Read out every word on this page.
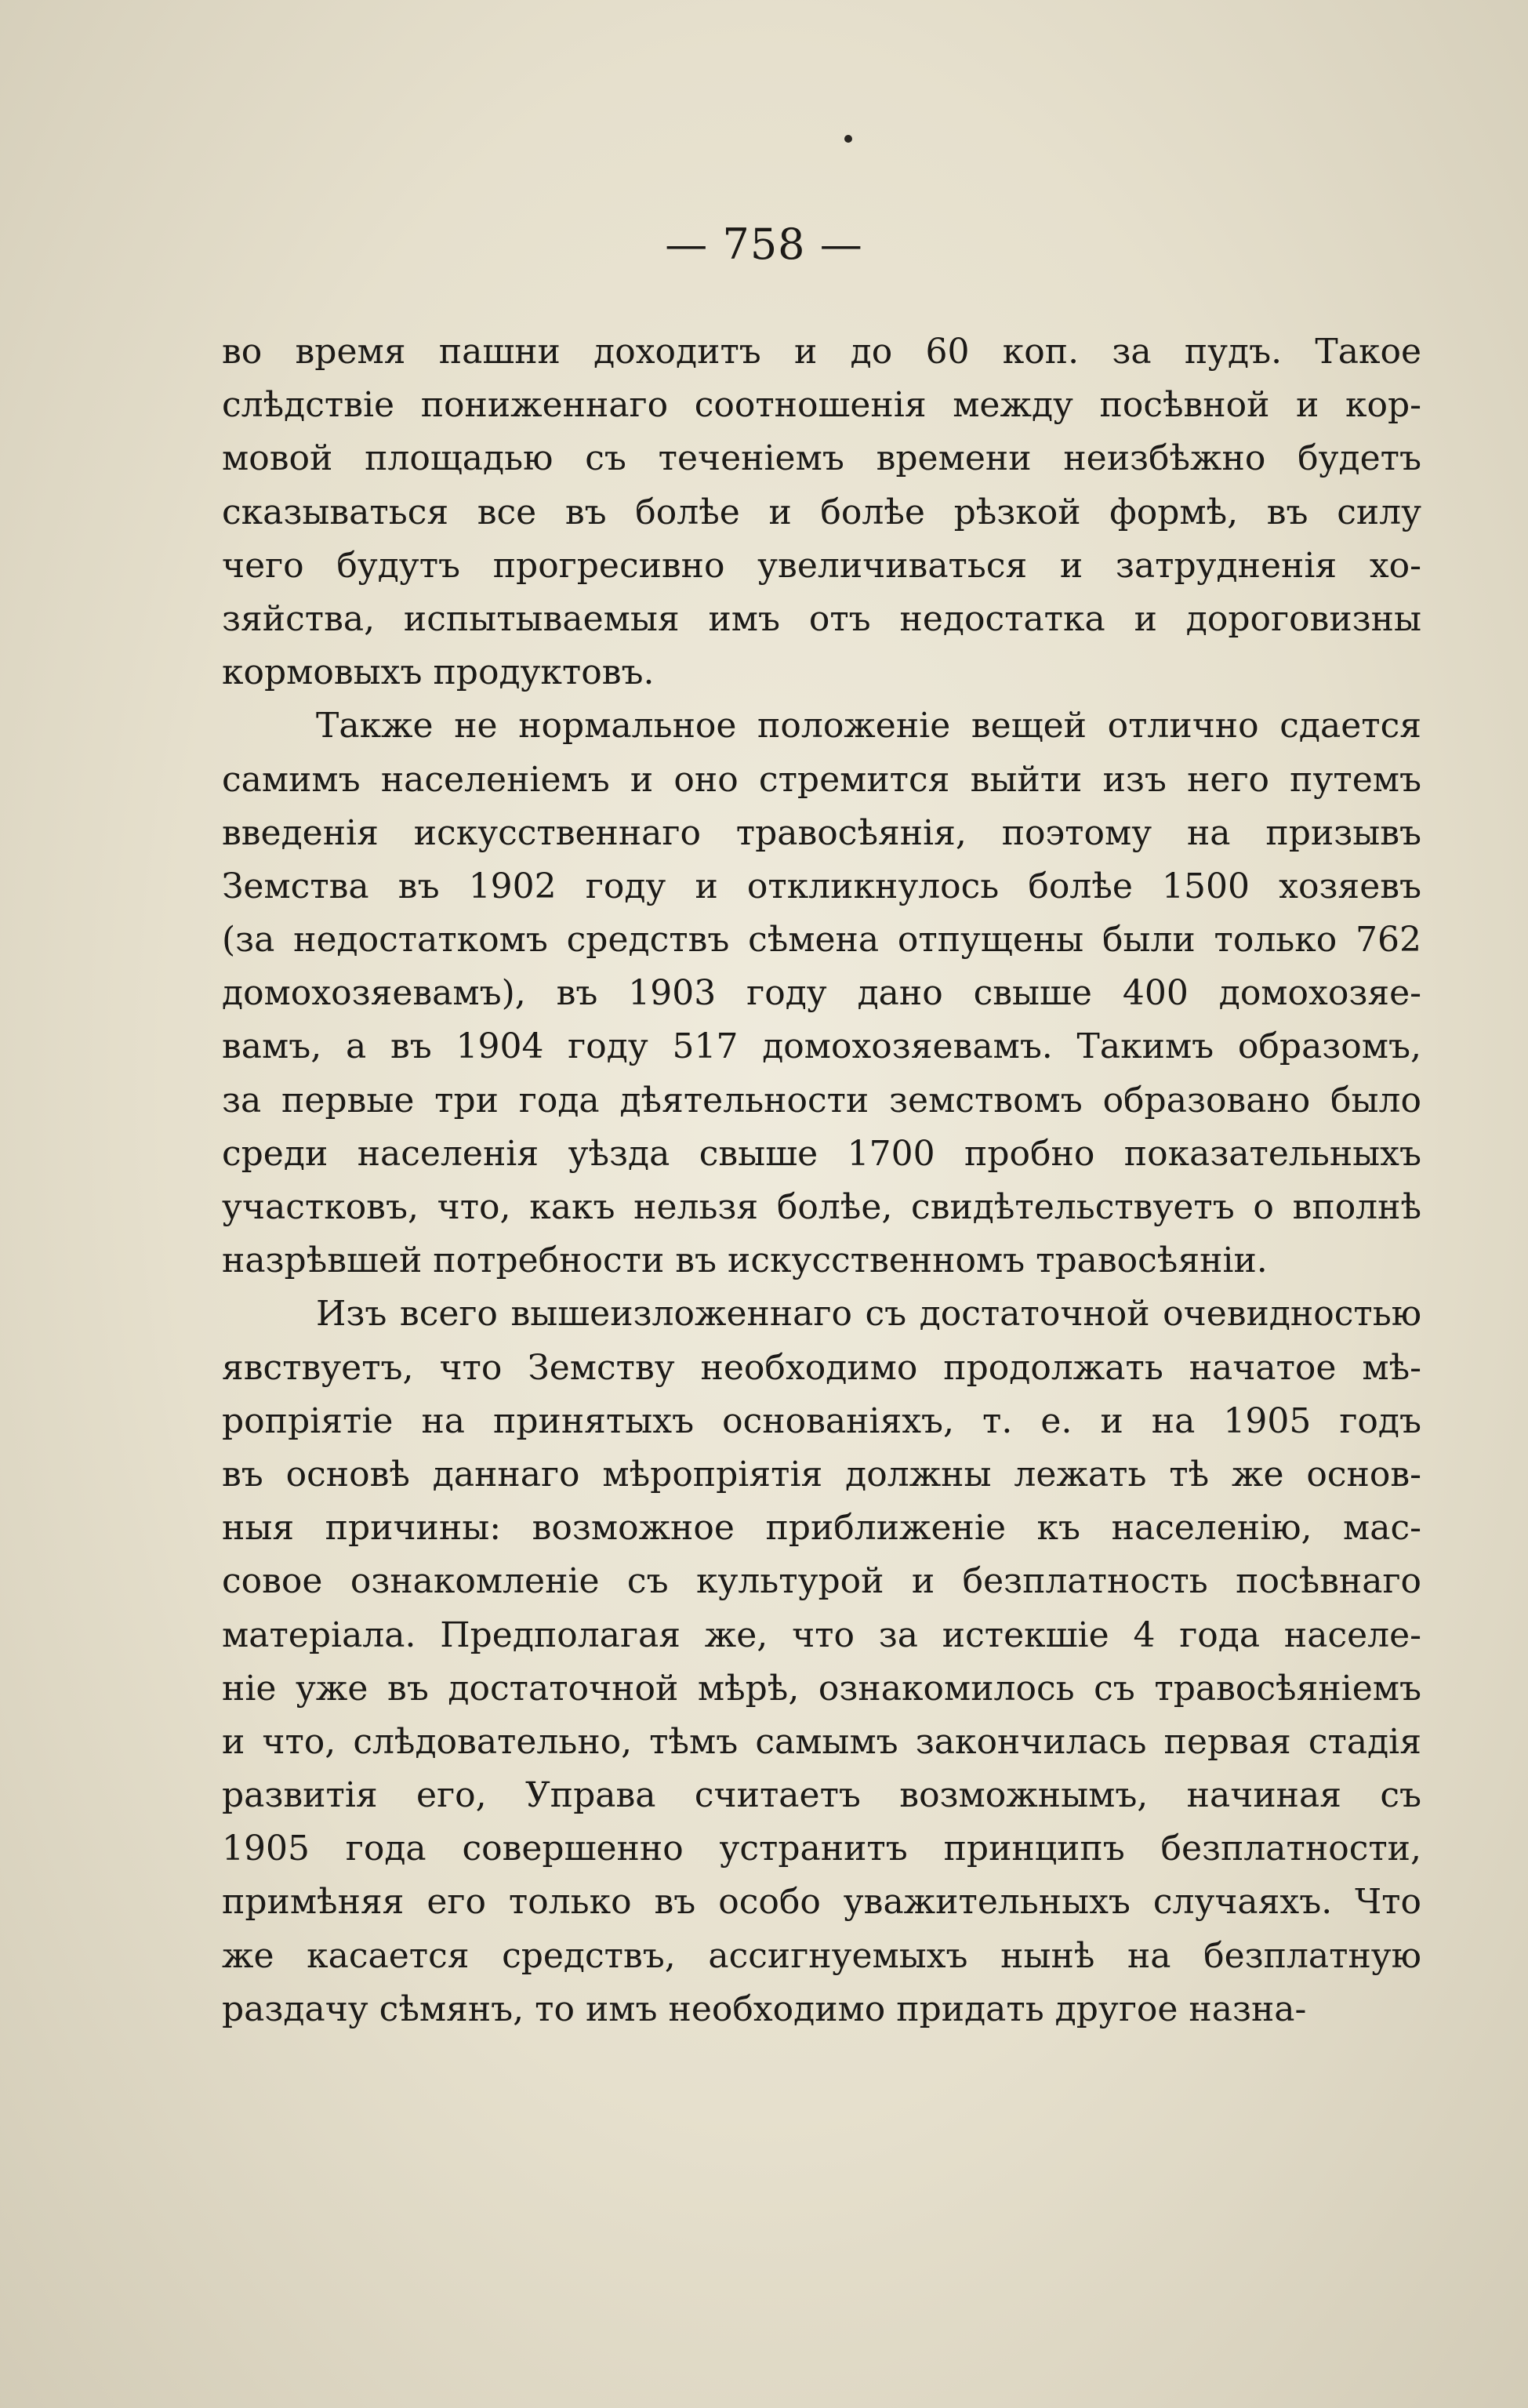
— 758 —
во время пашни доходитъ и до 60 коп. за пудъ. Такое
слѣдствіе пониженнаго соотношенія между посѣвной и кор-
мовой площадью съ теченіемъ времени неизбѣжно будетъ
сказываться все въ болѣе и болѣе рѣзкой формѣ, въ силу
чего будутъ прогресивно увеличиваться и затрудненія хо-
зяйства, испытываемыя имъ отъ недостатка и дороговизны
кормовыхъ продуктовъ.
Также не нормальное положеніе вещей отлично сдается
самимъ населеніемъ и оно стремится выйти изъ него путемъ
введенія искусственнаго травосѣянія, поэтому на призывъ
Земства въ 1902 году и откликнулось болѣе 1500 хозяевъ
(за недостаткомъ средствъ сѣмена отпущены были только 762
домохозяевамъ), въ 1903 году дано свыше 400 домохозяе-
вамъ, а въ 1904 году 517 домохозяевамъ. Такимъ образомъ,
за первые три года дѣятельности земствомъ образовано было
среди населенія уѣзда свыше 1700 пробно показательныхъ
участковъ, что, какъ нельзя болѣе, свидѣтельствуетъ о вполнѣ
назрѣвшей потребности въ искусственномъ травосѣяніи.
Изъ всего вышеизложеннаго съ достаточной очевидностью
явствуетъ, что Земству необходимо продолжать начатое мѣ-
ропріятіе на принятыхъ основаніяхъ, т. е. и на 1905 годъ
въ основѣ даннаго мѣропріятія должны лежать тѣ же основ-
ныя причины: возможное приближеніе къ населенію, мас-
совое ознакомленіе съ культурой и безплатность посѣвнаго
матеріала. Предполагая же, что за истекшіе 4 года населе-
ніе уже въ достаточной мѣрѣ, ознакомилось съ травосѣяніемъ
и что, слѣдовательно, тѣмъ самымъ закончилась первая стадія
развитія его, Управа считаетъ возможнымъ, начиная съ
1905 года совершенно устранитъ принципъ безплатности,
примѣняя его только въ особо уважительныхъ случаяхъ. Что
же касается средствъ, ассигнуемыхъ нынѣ на безплатную
раздачу сѣмянъ, то имъ необходимо придать другое назна-
